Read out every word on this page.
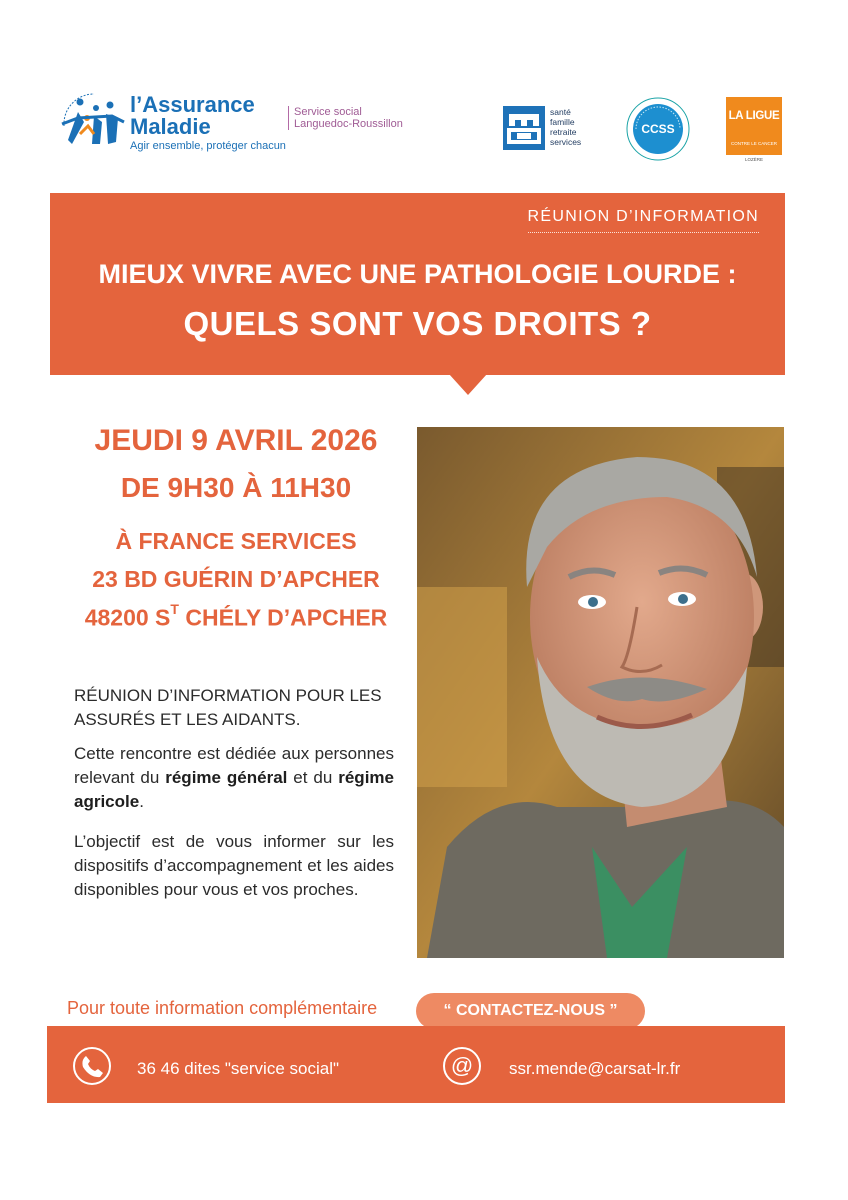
l’Assurance
Maladie
Agir ensemble, protéger chacun
Service social
Languedoc-Roussillon
santé
famille
retraite
services
CCSS
LA LIGUE
CONTRE LE CANCER
LOZÈRE
RÉUNION D’INFORMATION
MIEUX VIVRE AVEC UNE PATHOLOGIE LOURDE :
QUELS SONT VOS DROITS ?
JEUDI 9 AVRIL 2026
DE 9H30 À 11H30
À FRANCE SERVICES
23 BD GUÉRIN D’APCHER
48200 $S^T$ CHÉLY D’APCHER
RÉUNION D’INFORMATION POUR LES ASSURÉS ET LES AIDANTS.
Cette rencontre est dédiée aux personnes relevant du régime général et du régime agricole.
L’objectif est de vous informer sur les dispositifs d’accompagnement et les aides disponibles pour vous et vos proches.
Pour toute information complémentaire	“ CONTACTEZ-NOUS ”
36 46 dites "service social"	@	ssr.mende@carsat-lr.fr
